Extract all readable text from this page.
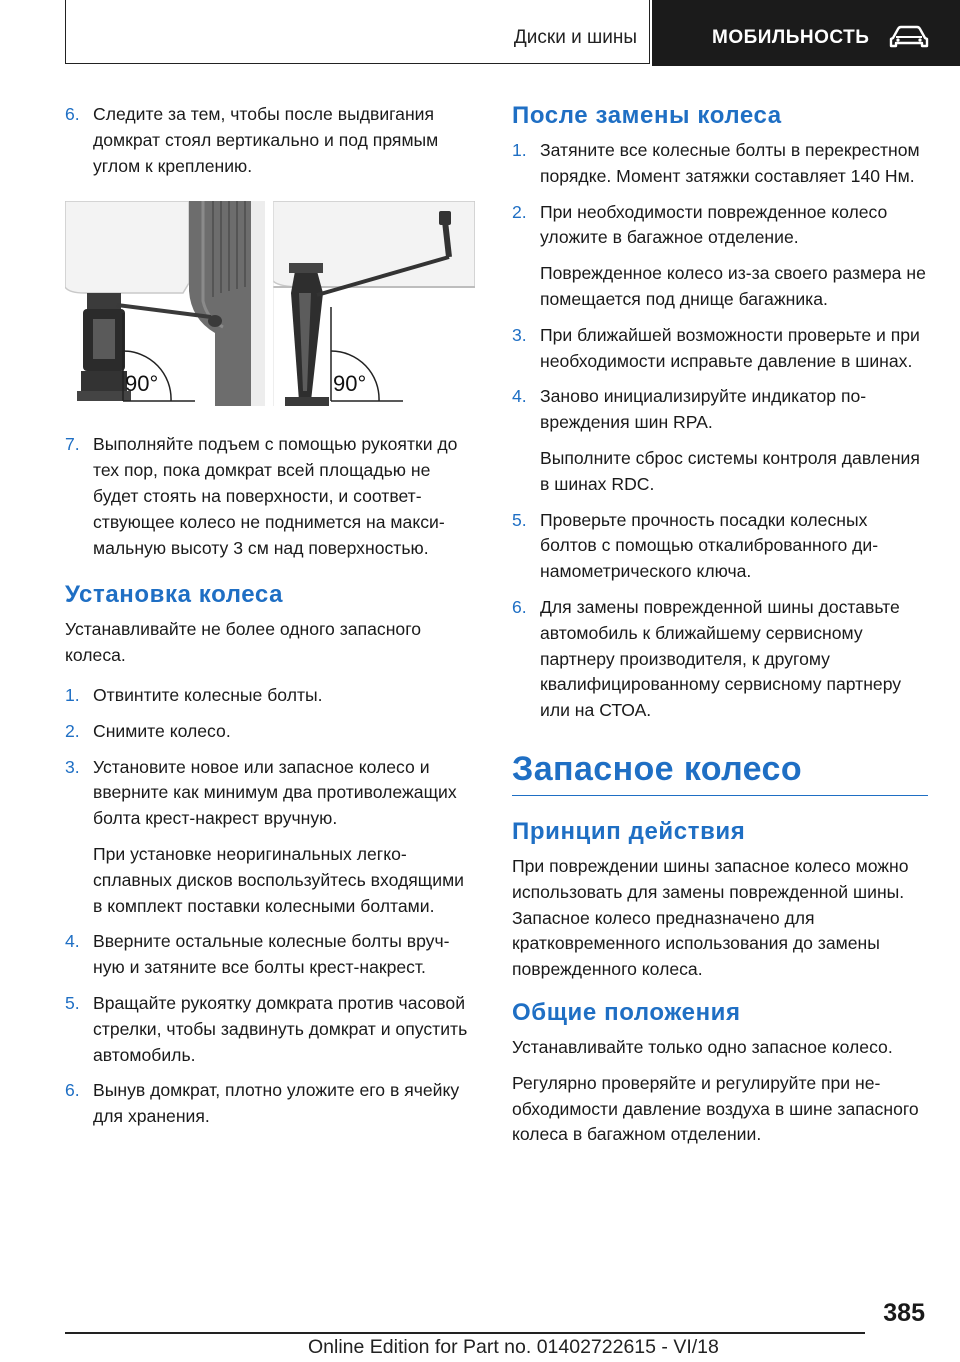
Диски и шины	МОБИЛЬНОСТЬ
6. Следите за тем, чтобы после выдвигания домкрат стоял вертикально и под прямым углом к креплению.
90°	90°
7. Выполняйте подъем с помощью рукоятки до тех пор, пока домкрат всей площадью не будет стоять на поверхности, и соответствующее колесо не поднимется на максимальную высоту 3 см над поверхностью.
Установка колеса
Устанавливайте не более одного запасного колеса.
1. Отвинтите колесные болты.
2. Снимите колесо.
3. Установите новое или запасное колесо и вверните как минимум два противолежащих болта крест-накрест вручную.
При установке неоригинальных легкосплавных дисков воспользуйтесь входящими в комплект поставки колесными болтами.
4. Вверните остальные колесные болты вручную и затяните все болты крест-накрест.
5. Вращайте рукоятку домкрата против часовой стрелки, чтобы задвинуть домкрат и опустить автомобиль.
6. Вынув домкрат, плотно уложите его в ячейку для хранения.
После замены колеса
1. Затяните все колесные болты в перекрестном порядке. Момент затяжки составляет 140 Нм.
2. При необходимости поврежденное колесо уложите в багажное отделение.
Поврежденное колесо из-за своего размера не помещается под днище багажника.
3. При ближайшей возможности проверьте и при необходимости исправьте давление в шинах.
4. Заново инициализируйте индикатор повреждения шин RPA.
Выполните сброс системы контроля давления в шинах RDC.
5. Проверьте прочность посадки колесных болтов с помощью откалиброванного динамометрического ключа.
6. Для замены поврежденной шины доставьте автомобиль к ближайшему сервисному партнеру производителя, к другому квалифицированному сервисному партнеру или на СТОА.
Запасное колесо
Принцип действия
При повреждении шины запасное колесо можно использовать для замены поврежденной шины. Запасное колесо предназначено для кратковременного использования до замены поврежденного колеса.
Общие положения
Устанавливайте только одно запасное колесо.
Регулярно проверяйте и регулируйте при необходимости давление воздуха в шине запасного колеса в багажном отделении.
385
Online Edition for Part no. 01402722615 - VI/18
